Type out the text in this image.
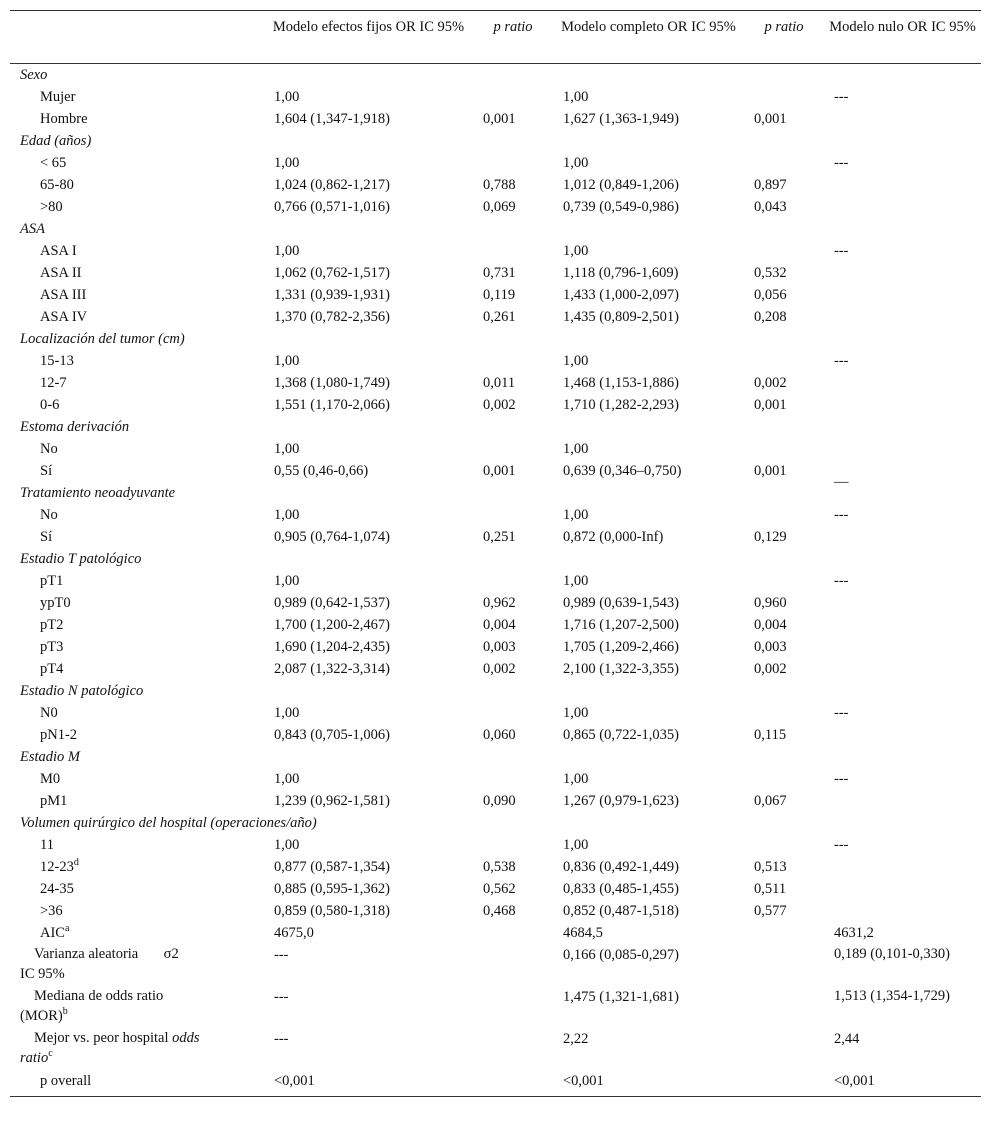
	Modelo efectos fijos OR IC 95%	p ratio	Modelo completo OR IC 95%	p ratio	Modelo nulo OR IC 95%
Sexo					
Mujer	1,00		1,00		---
Hombre	1,604 (1,347-1,918)	0,001	1,627 (1,363-1,949)	0,001	
Edad (años)					
< 65	1,00		1,00		---
65-80	1,024 (0,862-1,217)	0,788	1,012 (0,849-1,206)	0,897	
>80	0,766 (0,571-1,016)	0,069	0,739 (0,549-0,986)	0,043	
ASA					
ASA I	1,00		1,00		---
ASA II	1,062 (0,762-1,517)	0,731	1,118 (0,796-1,609)	0,532	
ASA III	1,331 (0,939-1,931)	0,119	1,433 (1,000-2,097)	0,056	
ASA IV	1,370 (0,782-2,356)	0,261	1,435 (0,809-2,501)	0,208	
Localización del tumor (cm)					
15-13	1,00		1,00		---
12-7	1,368 (1,080-1,749)	0,011	1,468 (1,153-1,886)	0,002	
0-6	1,551 (1,170-2,066)	0,002	1,710 (1,282-2,293)	0,001	
Estoma derivación					
No	1,00		1,00		
Sí	0,55 (0,46-0,66)	0,001	0,639 (0,346–0,750)	0,001	__
Tratamiento neoadyuvante					
No	1,00		1,00		---
Sí	0,905 (0,764-1,074)	0,251	0,872 (0,000-Inf)	0,129	
Estadio T patológico					
pT1	1,00		1,00		---
ypT0	0,989 (0,642-1,537)	0,962	0,989 (0,639-1,543)	0,960	
pT2	1,700 (1,200-2,467)	0,004	1,716 (1,207-2,500)	0,004	
pT3	1,690 (1,204-2,435)	0,003	1,705 (1,209-2,466)	0,003	
pT4	2,087 (1,322-3,314)	0,002	2,100 (1,322-3,355)	0,002	
Estadio N patológico					
N0	1,00		1,00		---
pN1-2	0,843 (0,705-1,006)	0,060	0,865 (0,722-1,035)	0,115	
Estadio M					
M0	1,00		1,00		---
pM1	1,239 (0,962-1,581)	0,090	1,267 (0,979-1,623)	0,067	
Volumen quirúrgico del hospital (operaciones/año)					
11	1,00		1,00		---
12-23$^d$	0,877 (0,587-1,354)	0,538	0,836 (0,492-1,449)	0,513	
24-35	0,885 (0,595-1,362)	0,562	0,833 (0,485-1,455)	0,511	
>36	0,859 (0,580-1,318)	0,468	0,852 (0,487-1,518)	0,577	
AIC$^a$	4675,0		4684,5		4631,2

Varianza aleatoria σ2
IC 95%	---		0,166 (0,085-0,297)		0,189 (0,101-0,330)

Mediana de odds ratio
(MOR)$^b$	---		1,475 (1,321-1,681)		1,513 (1,354-1,729)

Mejor vs. peor hospital odds
ratio$^c$	---		2,22		2,44
p overall	<0,001		<0,001		<0,001
